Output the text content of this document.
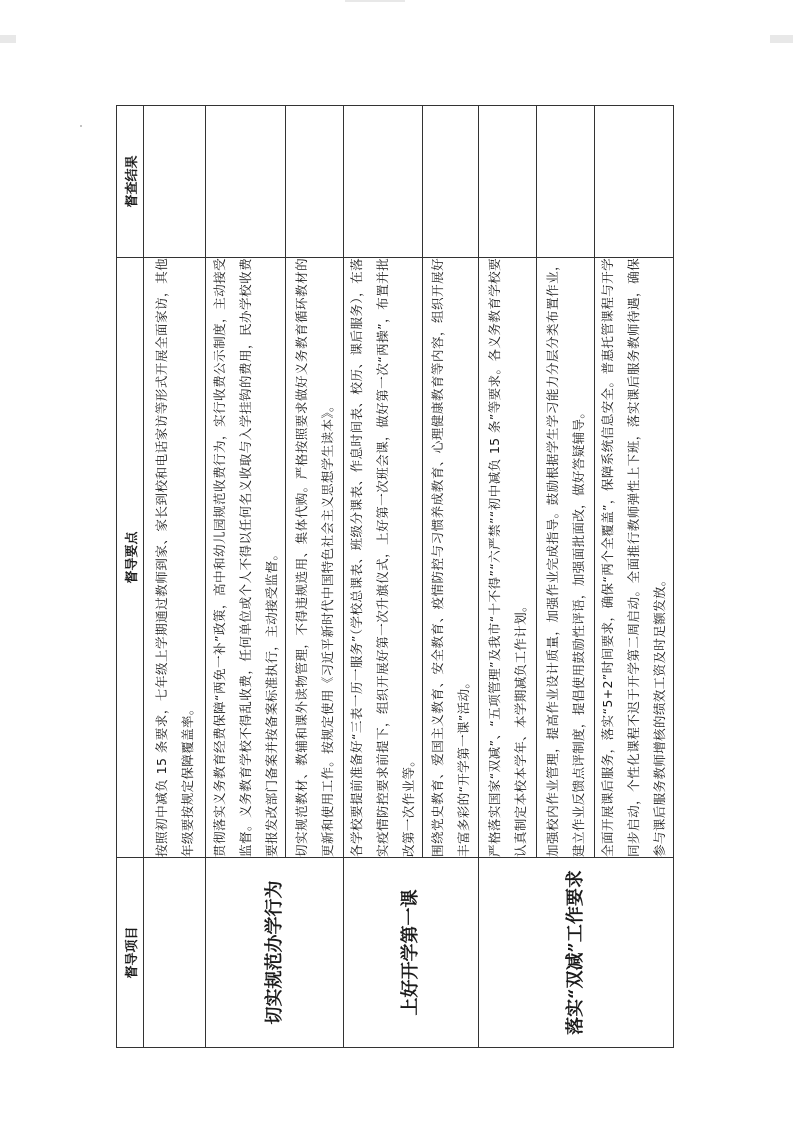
督导项目	督导要点	督查结果
	按照初中减负 15 条要求，七年级上学期通过教师到家、家长到校和电话家访等形式开展全面家访，其他年级要按规定保障覆盖率。	
切实规范办学行为	贯彻落实义务教育经费保障“两免一补”政策，高中和幼儿园规范收费行为，实行收费公示制度，主动接受监督。义务教育学校不得乱收费，任何单位或个人不得以任何名义收取与入学挂钩的费用，民办学校收费要报发改部门备案并按备案标准执行，主动接受监督。	
	切实规范教材、教辅和课外读物管理，不得违规选用、集体代购。严格按照要求做好义务教育循环教材的更新和使用工作。按规定使用《习近平新时代中国特色社会主义思想学生读本》。	
上好开学第一课	各学校要提前准备好“三表一历一服务”（学校总课表、班级分课表、作息时间表、校历、课后服务），在落实疫情防控要求前提下，组织开展好第一次升旗仪式，上好第一次班会课，做好第一次“两操”，布置并批改第一次作业等。	
	围绕党史教育、爱国主义教育、安全教育、疫情防控与习惯养成教育、心理健康教育等内容，组织开展好丰富多彩的“开学第一课”活动。	
落实“双减”工作要求	严格落实国家“双减”、“五项管理”及我市“十不得”“六严禁”“初中减负 15 条”等要求。各义务教育学校要认真制定本校本学年、本学期减负工作计划。	
	加强校内作业管理，提高作业设计质量，加强作业完成指导。鼓励根据学生学习能力分层分类布置作业，建立作业反馈点评制度，提倡使用鼓励性评语，加强面批面改，做好答疑辅导。	
	全面开展课后服务，落实“5+2”时间要求，确保“两个全覆盖”，保障系统信息安全。普惠托管课程与开学同步启动，个性化课程不迟于开学第二周启动。全面推行教师弹性上下班，落实课后服务教师待遇，确保参与课后服务教师增核的绩效工资及时足额发放。	
